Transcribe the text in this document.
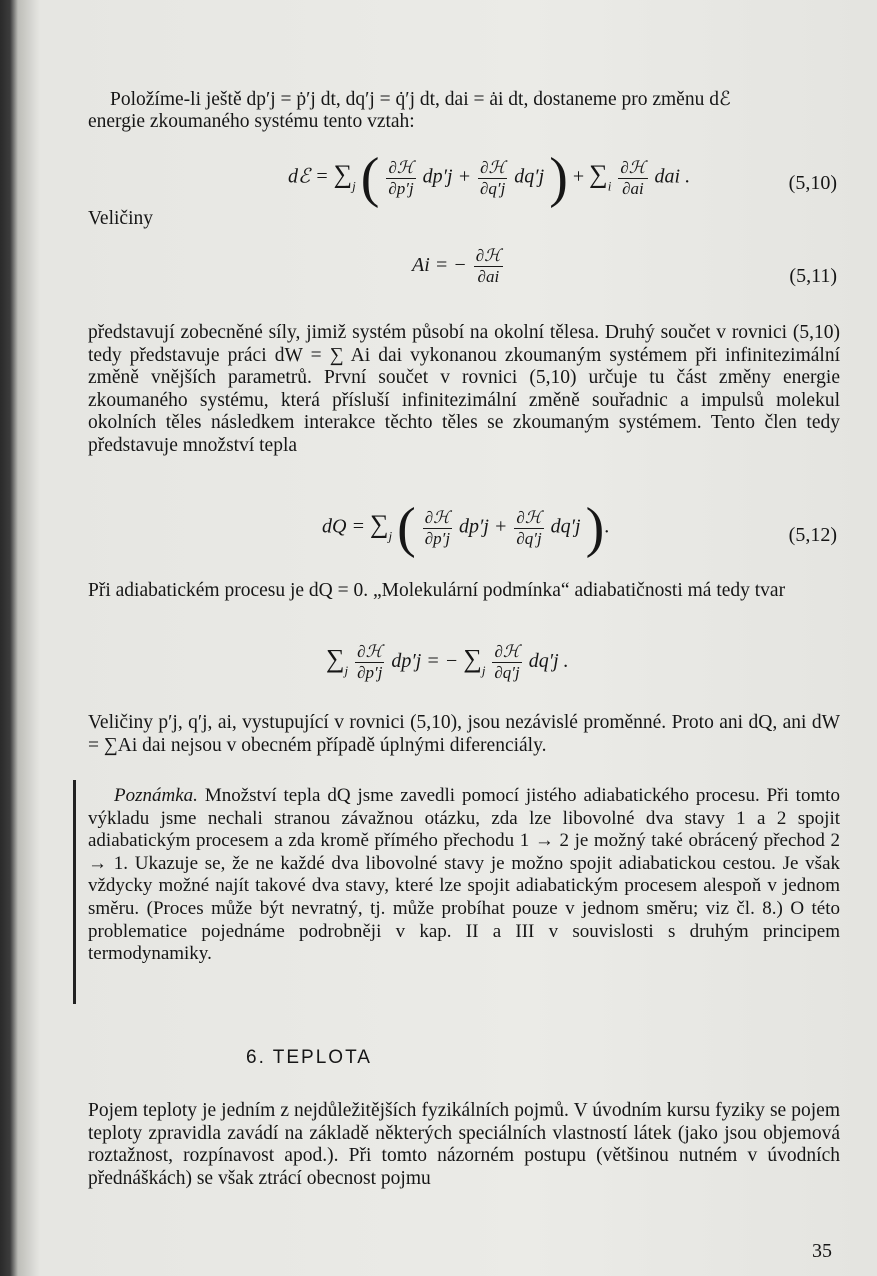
Položíme-li ještě dp′j = ṗ′j dt, dq′j = q̇′j dt, dai = ȧi dt, dostaneme pro změnu dℰ
energie zkoumaného systému tento vztah:
dℰ = $\sum_j$ ( $\frac{\text{∂ℋ}}{\partial p'j} dp'j + \frac{\text{∂ℋ}}{\partial q'j} dq'j$ ) + $\sum_i \frac{\text{∂ℋ}}{\partial ai}$ dai .	(5,10)
Veličiny
Ai = − $\frac{\text{∂ℋ}}{\partial ai}$	(5,11)
představují zobecněné síly, jimiž systém působí na okolní tělesa. Druhý součet v rovnici (5,10) tedy představuje práci dW = ∑ Ai dai vykonanou zkoumaným systémem při infinitezimální změně vnějších parametrů. První součet v rovnici (5,10) určuje tu část změny energie zkoumaného systému, která přísluší infinitezimální změně souřadnic a impulsů molekul okolních těles následkem interakce těchto těles se zkoumaným systémem. Tento člen tedy představuje množství tepla
dQ = $\sum_j$ ( $\frac{\text{∂ℋ}}{\partial p'j} dp'j + \frac{\text{∂ℋ}}{\partial q'j} dq'j$ ).	(5,12)
Při adiabatickém procesu je dQ = 0. „Molekulární podmínka“ adiabatičnosti má tedy tvar
$\sum_j \frac{\text{∂ℋ}}{\partial p'j} dp'j$ = − $\sum_j \frac{\text{∂ℋ}}{\partial q'j} dq'j$ .
Veličiny p′j, q′j, ai, vystupující v rovnici (5,10), jsou nezávislé proměnné. Proto ani dQ, ani dW = ∑Ai dai nejsou v obecném případě úplnými diferenciály.
Poznámka. Množství tepla dQ jsme zavedli pomocí jistého adiabatického procesu. Při tomto výkladu jsme nechali stranou závažnou otázku, zda lze libovolné dva stavy 1 a 2 spojit adiabatickým procesem a zda kromě přímého přechodu 1 → 2 je možný také obrácený přechod 2 → 1. Ukazuje se, že ne každé dva libovolné stavy je možno spojit adiabatickou cestou. Je však vždycky možné najít takové dva stavy, které lze spojit adiabatickým procesem alespoň v jednom směru. (Proces může být nevratný, tj. může probíhat pouze v jednom směru; viz čl. 8.) O této problematice pojednáme podrobněji v kap. II a III v souvislosti s druhým principem termodynamiky.
6. TEPLOTA
Pojem teploty je jedním z nejdůležitějších fyzikálních pojmů. V úvodním kursu fyziky se pojem teploty zpravidla zavádí na základě některých speciálních vlastností látek (jako jsou objemová roztažnost, rozpínavost apod.). Při tomto názorném postupu (většinou nutném v úvodních přednáškách) se však ztrácí obecnost pojmu
35
